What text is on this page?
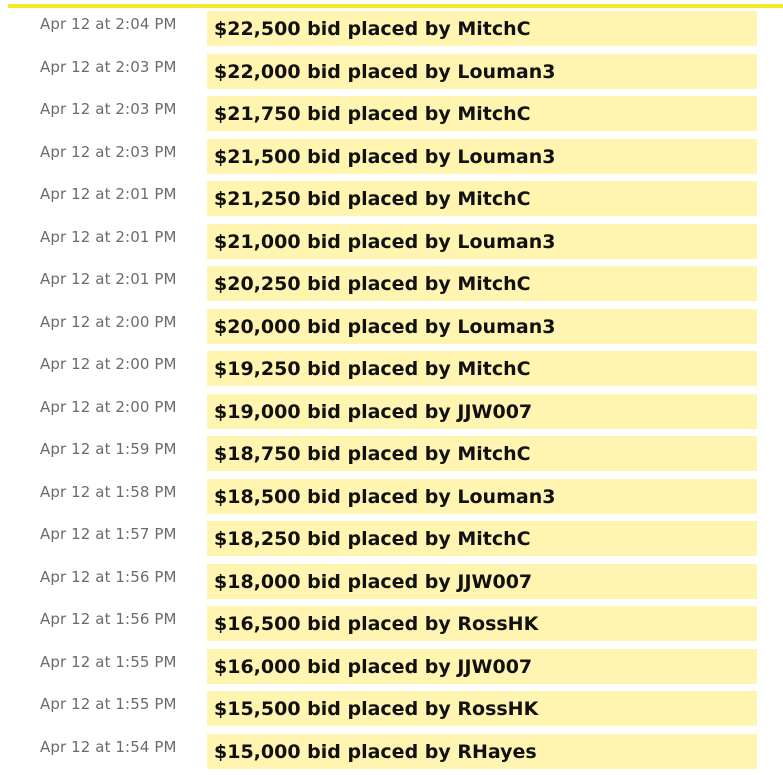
Apr 12 at 2:04 PM	$22,500 bid placed by MitchC
Apr 12 at 2:03 PM	$22,000 bid placed by Louman3
Apr 12 at 2:03 PM	$21,750 bid placed by MitchC
Apr 12 at 2:03 PM	$21,500 bid placed by Louman3
Apr 12 at 2:01 PM	$21,250 bid placed by MitchC
Apr 12 at 2:01 PM	$21,000 bid placed by Louman3
Apr 12 at 2:01 PM	$20,250 bid placed by MitchC
Apr 12 at 2:00 PM	$20,000 bid placed by Louman3
Apr 12 at 2:00 PM	$19,250 bid placed by MitchC
Apr 12 at 2:00 PM	$19,000 bid placed by JJW007
Apr 12 at 1:59 PM	$18,750 bid placed by MitchC
Apr 12 at 1:58 PM	$18,500 bid placed by Louman3
Apr 12 at 1:57 PM	$18,250 bid placed by MitchC
Apr 12 at 1:56 PM	$18,000 bid placed by JJW007
Apr 12 at 1:56 PM	$16,500 bid placed by RossHK
Apr 12 at 1:55 PM	$16,000 bid placed by JJW007
Apr 12 at 1:55 PM	$15,500 bid placed by RossHK
Apr 12 at 1:54 PM	$15,000 bid placed by RHayes
